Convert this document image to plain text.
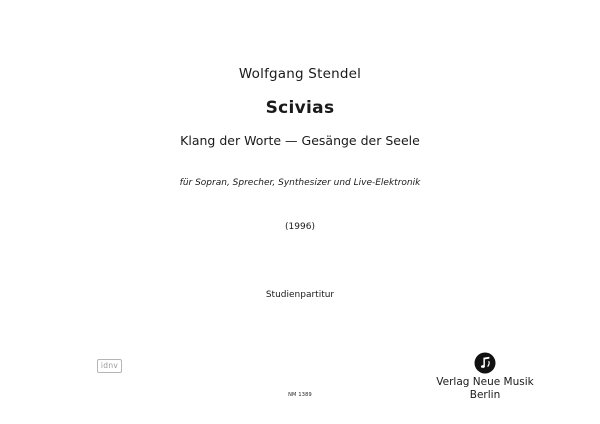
Wolfgang Stendel
Scivias
Klang der Worte — Gesänge der Seele
für Sopran, Sprecher, Synthesizer und Live-Elektronik
(1996)
Studienpartitur
idnv
Verlag Neue Musik
Berlin
NM 1389
